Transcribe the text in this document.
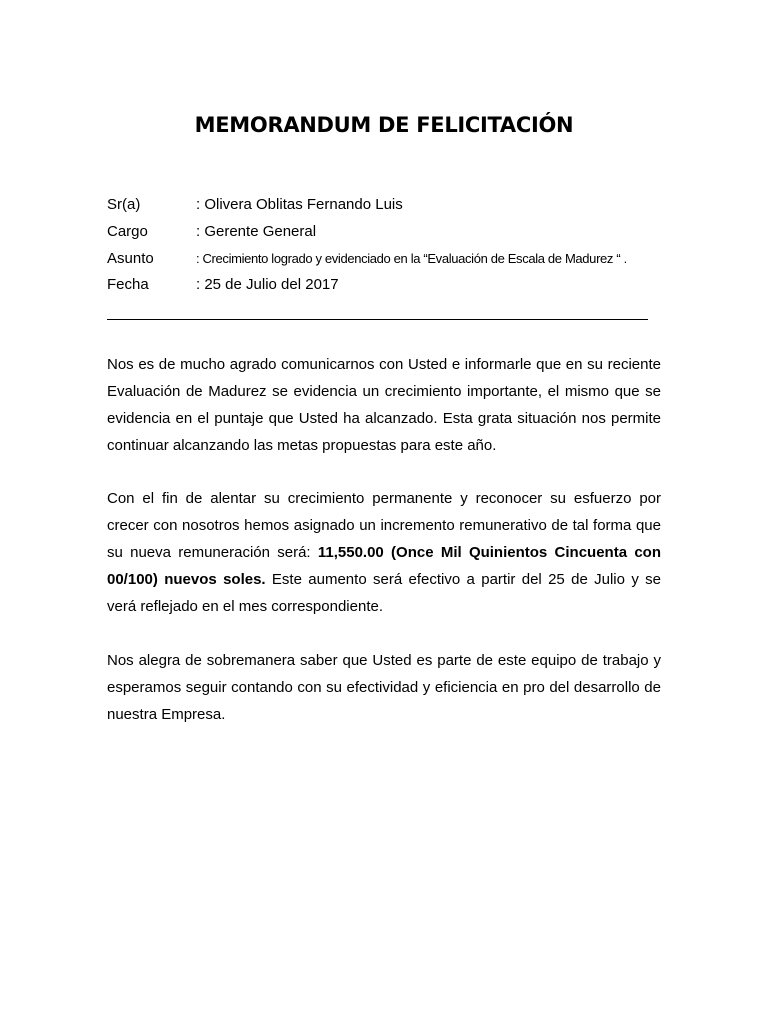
MEMORANDUM DE FELICITACIÓN
Sr(a)	: Olivera Oblitas Fernando Luis
Cargo	: Gerente General
Asunto	: Crecimiento logrado y evidenciado en la “Evaluación de Escala de Madurez “ .
Fecha	: 25 de Julio del 2017

Nos es de mucho agrado comunicarnos con Usted e informarle que en su reciente Evaluación de Madurez se evidencia un crecimiento importante, el mismo que se evidencia en el puntaje que Usted ha alcanzado. Esta grata situación nos permite continuar alcanzando las metas propuestas para este año.

Con el fin de alentar su crecimiento permanente y reconocer su esfuerzo por crecer con nosotros hemos asignado un incremento remunerativo de tal forma que su nueva remuneración será: 11,550.00 (Once Mil Quinientos Cincuenta con 00/100) nuevos soles. Este aumento será efectivo a partir del 25 de Julio y se verá reflejado en el mes correspondiente.

Nos alegra de sobremanera saber que Usted es parte de este equipo de trabajo y esperamos seguir contando con su efectividad y eficiencia en pro del desarrollo de nuestra Empresa.
